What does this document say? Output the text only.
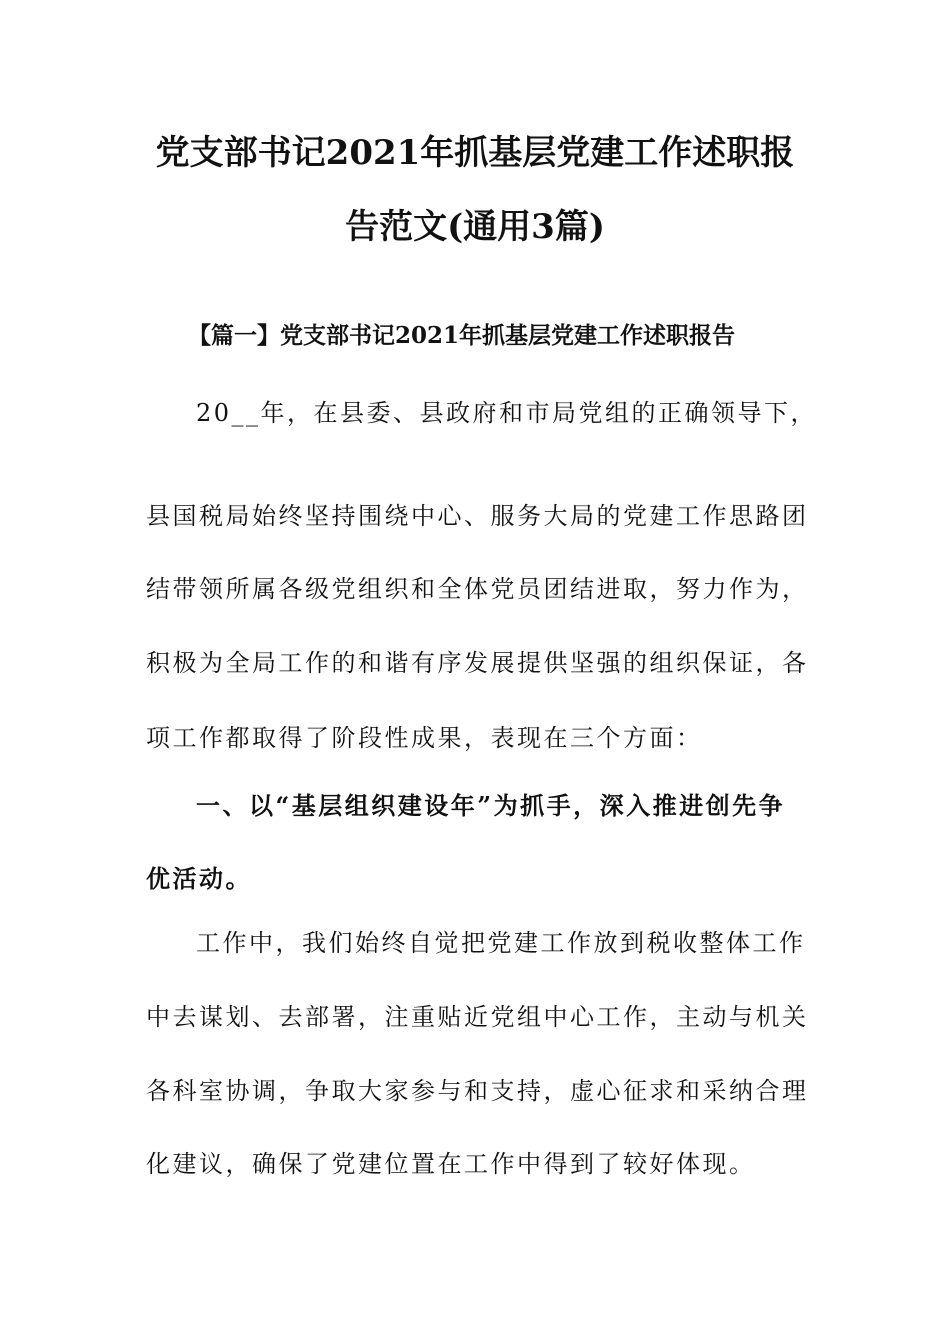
党支部书记2021年抓基层党建工作述职报
告范文(通用3篇)
【篇一】党支部书记2021年抓基层党建工作述职报告
20__年，在县委、县政府和市局党组的正确领导下，
县国税局始终坚持围绕中心、服务大局的党建工作思路团
结带领所属各级党组织和全体党员团结进取，努力作为，
积极为全局工作的和谐有序发展提供坚强的组织保证，各
项工作都取得了阶段性成果，表现在三个方面：
一、以“基层组织建设年”为抓手，深入推进创先争
优活动。
工作中，我们始终自觉把党建工作放到税收整体工作
中去谋划、去部署，注重贴近党组中心工作，主动与机关
各科室协调，争取大家参与和支持，虚心征求和采纳合理
化建议，确保了党建位置在工作中得到了较好体现。
